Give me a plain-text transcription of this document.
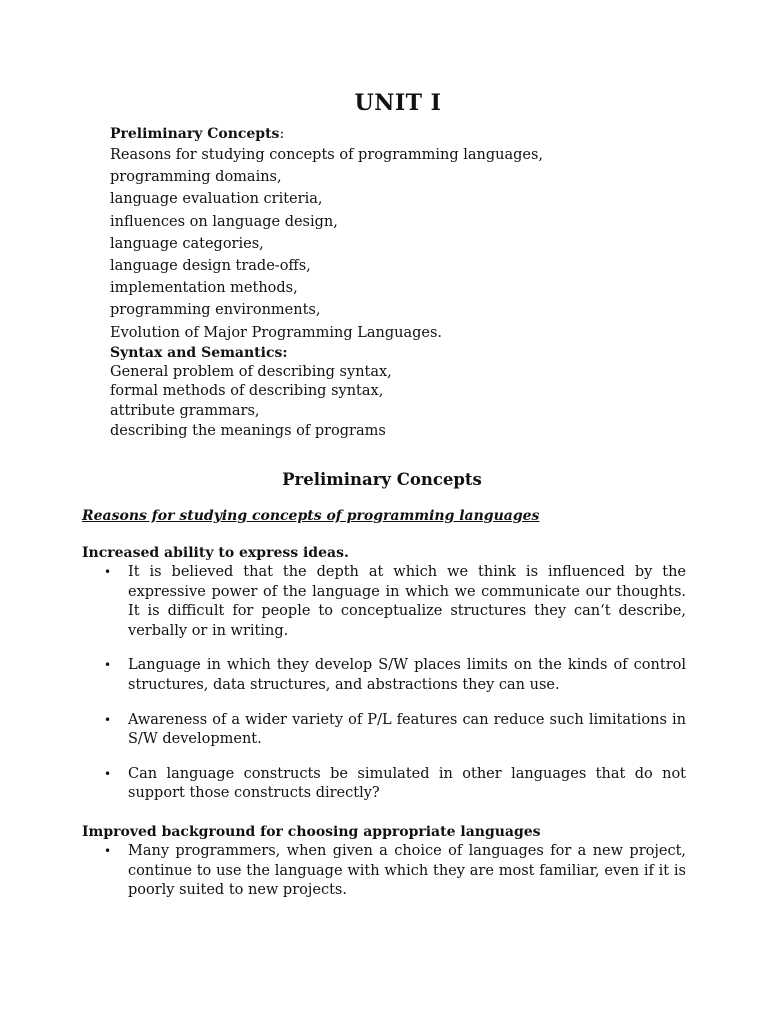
UNIT I
Preliminary Concepts:
Reasons for studying concepts of programming languages,
programming domains,
language evaluation criteria,
influences on language design,
language categories,
language design trade-offs,
implementation methods,
programming environments,
Evolution of Major Programming Languages.
Syntax and Semantics:
General problem of describing syntax,
formal methods of describing syntax,
attribute grammars,
describing the meanings of programs
Preliminary Concepts
Reasons for studying concepts of programming languages
Increased ability to express ideas.
• It is believed that the depth at which we think is influenced by the expressive power of the language in which we communicate our thoughts. It is difficult for people to conceptualize structures they can‘t describe, verbally or in writing.
• Language in which they develop S/W places limits on the kinds of control structures, data structures, and abstractions they can use.
• Awareness of a wider variety of P/L features can reduce such limitations in S/W development.
• Can language constructs be simulated in other languages that do not support those constructs directly?
Improved background for choosing appropriate languages
• Many programmers, when given a choice of languages for a new project, continue to use the language with which they are most familiar, even if it is poorly suited to new projects.
